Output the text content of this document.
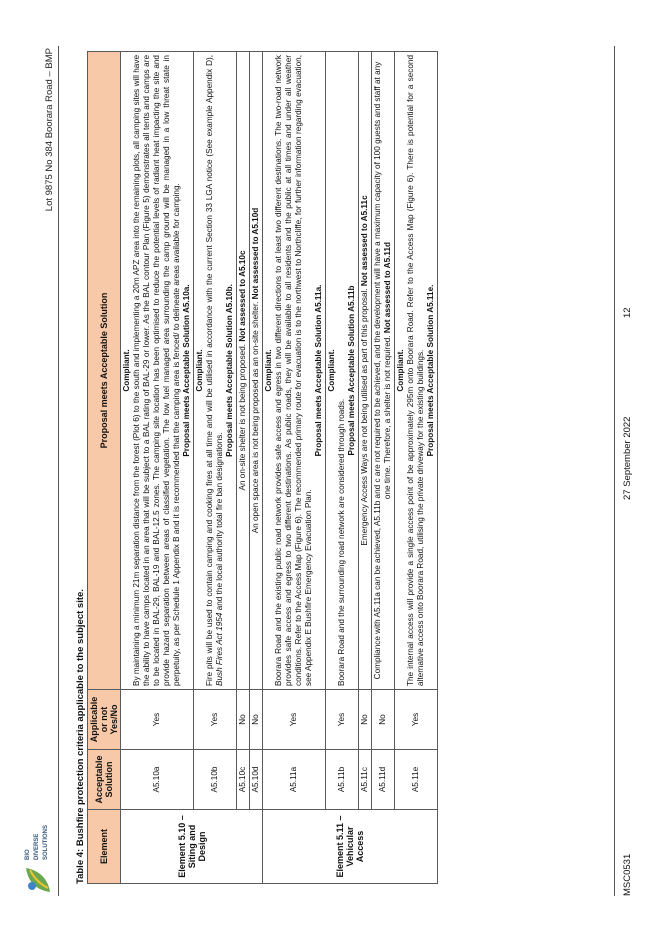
BIO DIVERSE SOLUTIONS
Lot 9875 No 384 Boorara Road – BMP
Table 4: Bushfire protection criteria applicable to the subject site. Element	Acceptable Solution	Applicable or not Yes/No	Proposal meets Acceptable Solution
Element 5.10 – Siting and Design	A5.10a	Yes	Compliant. By maintaining a minimum 21m separation distance from the forest (Plot 6) to the south and implementing a 20m APZ area into the remaining plots, all camping sites will have the ability to have camps located in an area that will be subject to a BAL rating of BAL-29 or lower. As the BAL contour Plan (Figure 5) demonstrates all tents and camps are to be located in BAL-29, BAL-19 and BAL-12.5 zones. The camping site location has been optimised to reduce the potential levels of radiant heat impacting the site and provide hazard separation between areas of classified vegetation. The low fuel managed area surrounding the camp ground will be managed in a low threat state in perpetuity, as per Schedule 1 Appendix B and it is recommended that the camping area is fenced/ to delineate areas available for camping. Proposal meets Acceptable Solution A5.10a.

	A5.10b	Yes	Compliant. Fire pits will be used to contain camping and cooking fires at all time and will be utilised in accordance with the current Section 33 LGA notice (See example Appendix D), Bush Fires Act 1954 and the local authority total fire ban designations.
Proposal meets Acceptable Solution A5.10b.

	A5.10c	No	An on-site shelter is not being proposed. Not assessed to A5.10c
	A5.10d	No	An open space area is not being proposed as an on-site shelter. Not assessed to A5.10d
Element 5.11 – Vehicular Access	A5.11a	Yes	Compliant. Boorara Road and the existing public road network provides safe access and egress in two different directions to at least two different destinations. The two-road network provides safe access and egress to two different destinations. As public roads, they will be available to all residents and the public at all times and under all weather conditions. Refer to the Access Map (Figure 6). The recommended primary route for evacuation is to the northwest to Northcliffe, for further information regarding evacuation, see Appendix E Bushfire Emergency Evacuation Plan.
Proposal meets Acceptable Solution A5.11a.

	A5.11b	Yes	Compliant.
Boorara Road and the surrounding road network are considered through roads.
Proposal meets Acceptable Solution A5.11b

	A5.11c	No	Emergency Access Ways are not being utilised as part of this proposal. Not assessed to A5.11c
	A5.11d	No	Compliance with A5.11a can be achieved, A5.11b and c are not required to be achieved, and the development will have a maximum capacity of 100 guests and staff at any one time. Therefore, a shelter is not required. Not assessed to A5.11d
	A5.11e	Yes	Compliant. The internal access will provide a single access point of be approximately 295m onto Boorara Road. Refer to the Access Map (Figure 6). There is potential for a second alternative access onto Boorara Road, utilising the private driveway for the existing buildings. Proposal meets Acceptable Solution A5.11e.
MSC0531
27 September 2022
12
